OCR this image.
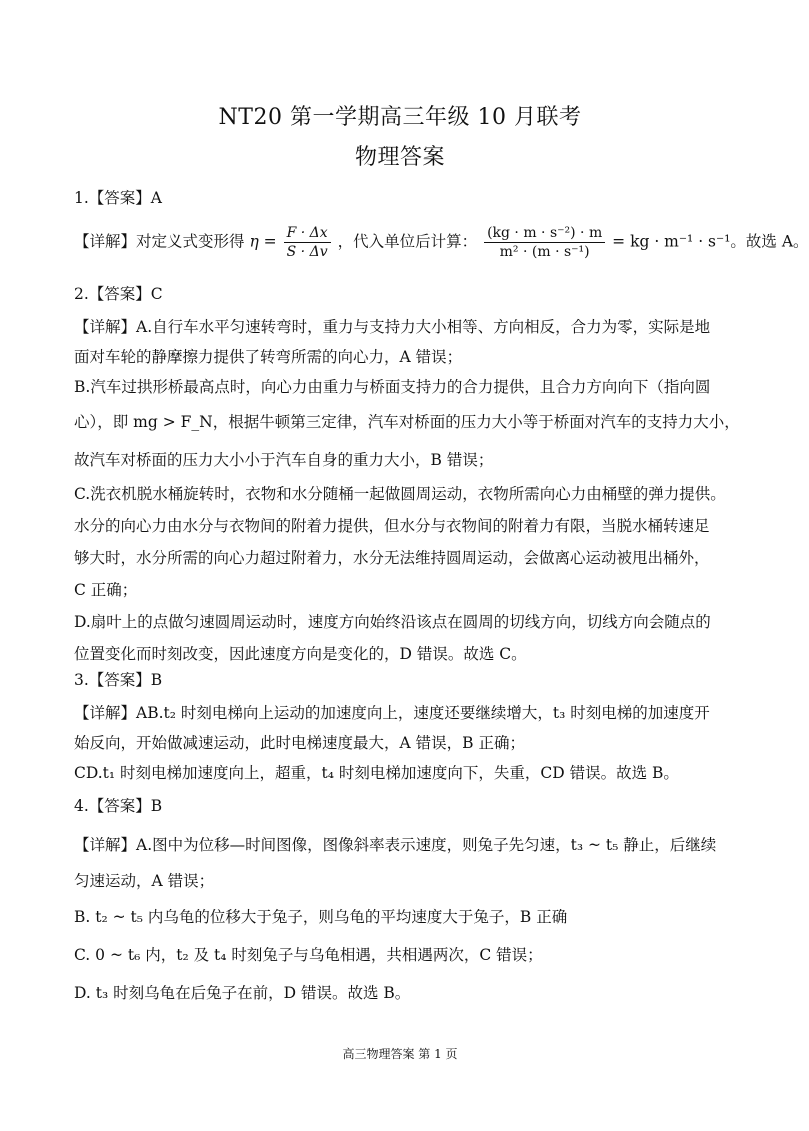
NT20 第一学期高三年级 10 月联考
物理答案
1.【答案】A
【详解】对定义式变形得 $\eta = \frac{F \cdot \Delta x}{S \cdot \Delta v}$ ，代入单位后计算： $\frac{\text{(kg · m · s⁻²) · m}}{\text{m² · (m · s⁻¹)}}$ = kg · m⁻¹ · s⁻¹。故选 A。
2.【答案】C
【详解】A.自行车水平匀速转弯时，重力与支持力大小相等、方向相反，合力为零，实际是地
面对车轮的静摩擦力提供了转弯所需的向心力，A 错误；
B.汽车过拱形桥最高点时，向心力由重力与桥面支持力的合力提供，且合力方向向下（指向圆
心），即 mg > F_N，根据牛顿第三定律，汽车对桥面的压力大小等于桥面对汽车的支持力大小，
故汽车对桥面的压力大小小于汽车自身的重力大小，B 错误；
C.洗衣机脱水桶旋转时，衣物和水分随桶一起做圆周运动，衣物所需向心力由桶壁的弹力提供。
水分的向心力由水分与衣物间的附着力提供，但水分与衣物间的附着力有限，当脱水桶转速足
够大时，水分所需的向心力超过附着力，水分无法维持圆周运动，会做离心运动被甩出桶外，
C 正确；
D.扇叶上的点做匀速圆周运动时，速度方向始终沿该点在圆周的切线方向，切线方向会随点的
位置变化而时刻改变，因此速度方向是变化的，D 错误。故选 C。
3.【答案】B
【详解】AB.t₂ 时刻电梯向上运动的加速度向上，速度还要继续增大，t₃ 时刻电梯的加速度开
始反向，开始做减速运动，此时电梯速度最大，A 错误，B 正确；
CD.t₁ 时刻电梯加速度向上，超重，t₄ 时刻电梯加速度向下，失重，CD 错误。故选 B。
4.【答案】B
【详解】A.图中为位移—时间图像，图像斜率表示速度，则兔子先匀速，t₃ ~ t₅ 静止，后继续
匀速运动，A 错误；
B. t₂ ~ t₅ 内乌龟的位移大于兔子，则乌龟的平均速度大于兔子，B 正确
C. 0 ~ t₆ 内，t₂ 及 t₄ 时刻兔子与乌龟相遇，共相遇两次，C 错误；
D. t₃ 时刻乌龟在后兔子在前，D 错误。故选 B。
高三物理答案 第 1 页
